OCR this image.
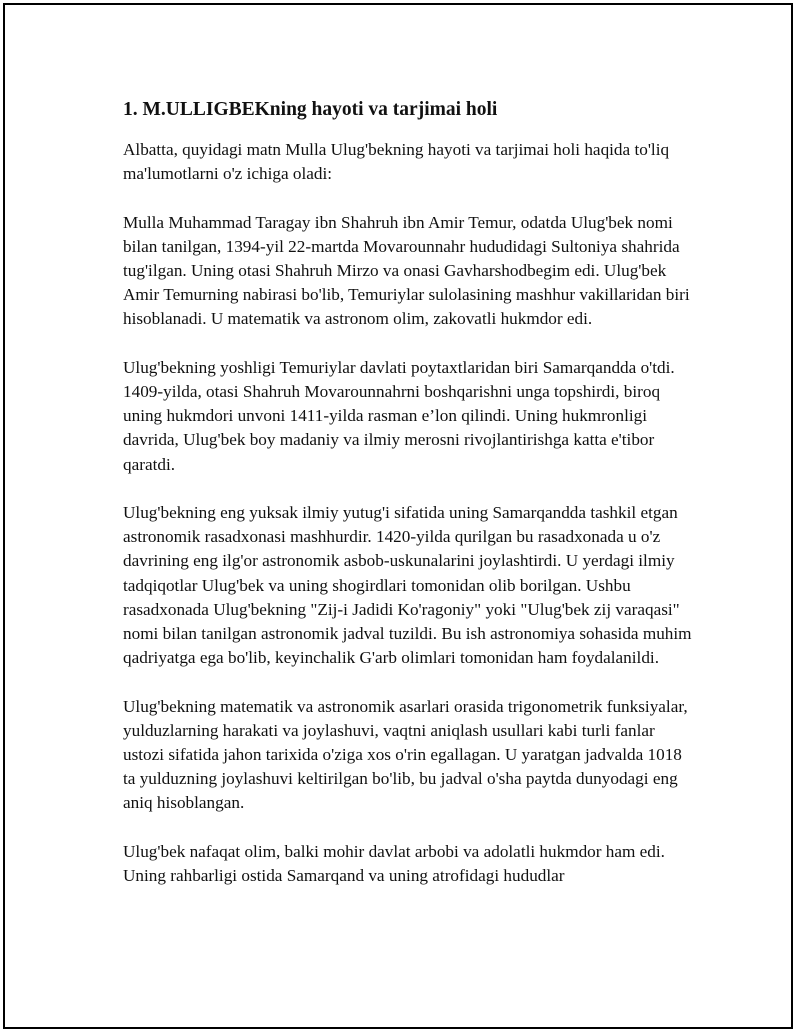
1. M.ULLIGBEKning hayoti va tarjimai holi

Albatta, quyidagi matn Mulla Ulug'bekning hayoti va tarjimai holi haqida to'liq ma'lumotlarni o'z ichiga oladi:

Mulla Muhammad Taragay ibn Shahruh ibn Amir Temur, odatda Ulug'bek nomi bilan tanilgan, 1394-yil 22-martda Movarounnahr hududidagi Sultoniya shahrida tug'ilgan. Uning otasi Shahruh Mirzo va onasi Gavharshodbegim edi. Ulug'bek Amir Temurning nabirasi bo'lib, Temuriylar sulolasining mashhur vakillaridan biri hisoblanadi. U matematik va astronom olim, zakovatli hukmdor edi.

Ulug'bekning yoshligi Temuriylar davlati poytaxtlaridan biri Samarqandda o'tdi. 1409-yilda, otasi Shahruh Movarounnahrni boshqarishni unga topshirdi, biroq uning hukmdori unvoni 1411-yilda rasman e’lon qilindi. Uning hukmronligi davrida, Ulug'bek boy madaniy va ilmiy merosni rivojlantirishga katta e'tibor qaratdi.

Ulug'bekning eng yuksak ilmiy yutug'i sifatida uning Samarqandda tashkil etgan astronomik rasadxonasi mashhurdir. 1420-yilda qurilgan bu rasadxonada u o'z davrining eng ilg'or astronomik asbob-uskunalarini joylashtirdi. U yerdagi ilmiy tadqiqotlar Ulug'bek va uning shogirdlari tomonidan olib borilgan. Ushbu rasadxonada Ulug'bekning "Zij-i Jadidi Ko'ragoniy" yoki "Ulug'bek zij varaqasi" nomi bilan tanilgan astronomik jadval tuzildi. Bu ish astronomiya sohasida muhim qadriyatga ega bo'lib, keyinchalik G'arb olimlari tomonidan ham foydalanildi.

Ulug'bekning matematik va astronomik asarlari orasida trigonometrik funksiyalar, yulduzlarning harakati va joylashuvi, vaqtni aniqlash usullari kabi turli fanlar ustozi sifatida jahon tarixida o'ziga xos o'rin egallagan. U yaratgan jadvalda 1018 ta yulduzning joylashuvi keltirilgan bo'lib, bu jadval o'sha paytda dunyodagi eng aniq hisoblangan.

Ulug'bek nafaqat olim, balki mohir davlat arbobi va adolatli hukmdor ham edi. Uning rahbarligi ostida Samarqand va uning atrofidagi hududlar
